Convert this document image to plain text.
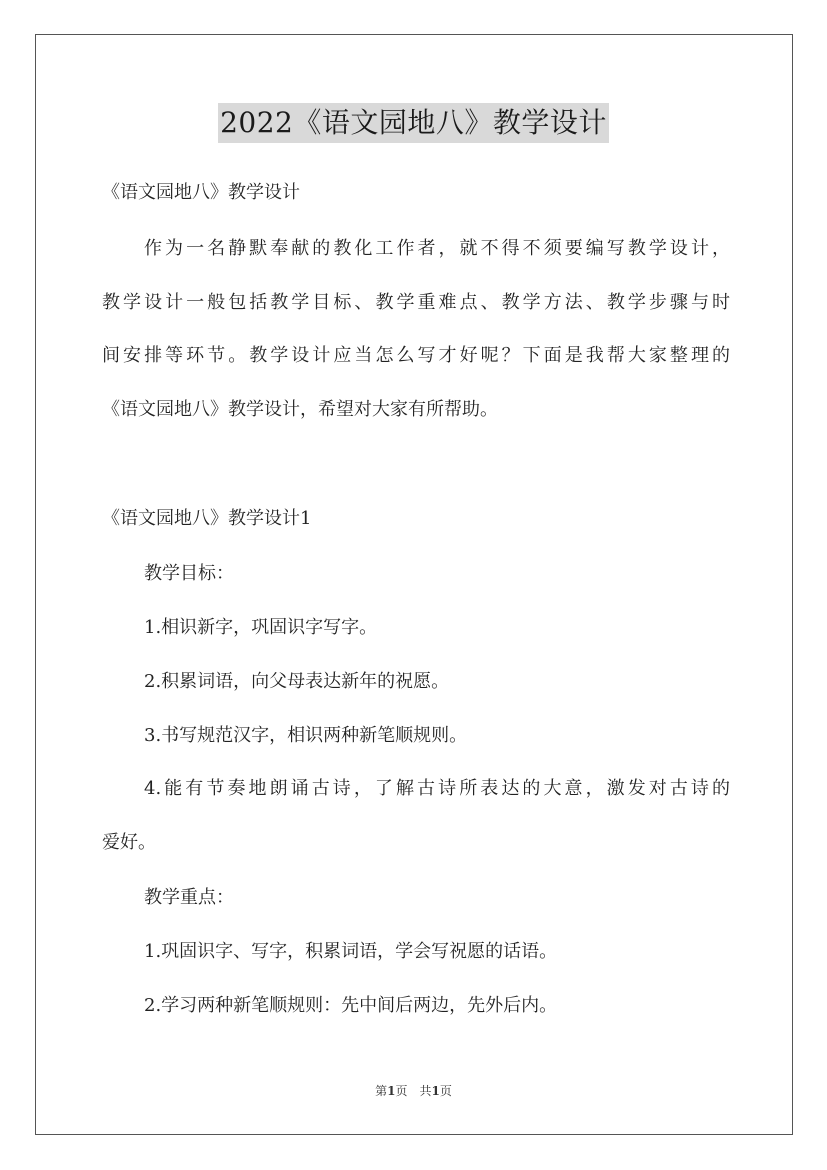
2022《语文园地八》教学设计
《语文园地八》教学设计
作为一名静默奉献的教化工作者，就不得不须要编写教学设计，
教学设计一般包括教学目标、教学重难点、教学方法、教学步骤与时
间安排等环节。教学设计应当怎么写才好呢？下面是我帮大家整理的
《语文园地八》教学设计，希望对大家有所帮助。
《语文园地八》教学设计1
教学目标：
1.相识新字，巩固识字写字。
2.积累词语，向父母表达新年的祝愿。
3.书写规范汉字，相识两种新笔顺规则。
4.能有节奏地朗诵古诗，了解古诗所表达的大意，激发对古诗的
爱好。
教学重点：
1.巩固识字、写字，积累词语，学会写祝愿的话语。
2.学习两种新笔顺规则：先中间后两边，先外后内。
第1页　共1页
